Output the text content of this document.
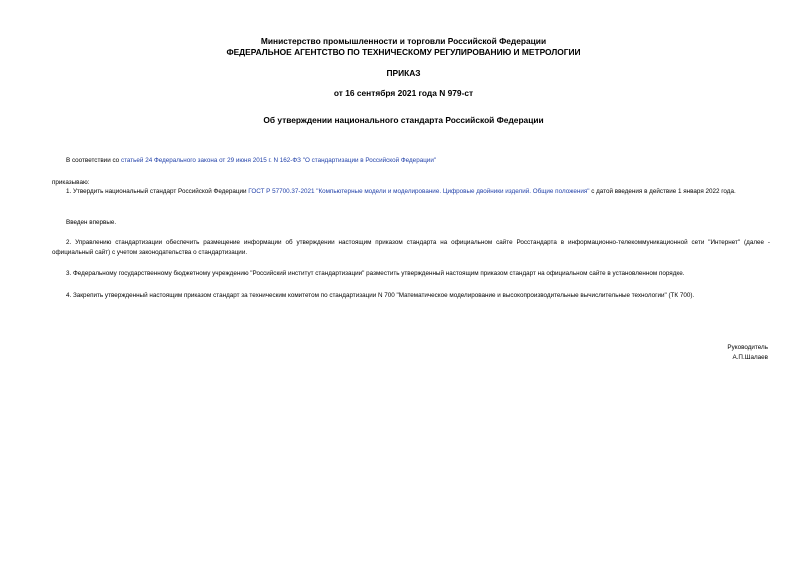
Министерство промышленности и торговли Российской Федерации
ФЕДЕРАЛЬНОЕ АГЕНТСТВО ПО ТЕХНИЧЕСКОМУ РЕГУЛИРОВАНИЮ И МЕТРОЛОГИИ
ПРИКАЗ
от 16 сентября 2021 года N 979-ст
Об утверждении национального стандарта Российской Федерации
В соответствии со статьей 24 Федерального закона от 29 июня 2015 г. N 162-ФЗ "О стандартизации в Российской Федерации"
приказываю:
1. Утвердить национальный стандарт Российской Федерации ГОСТ Р 57700.37-2021 "Компьютерные модели и моделирование. Цифровые двойники изделий. Общие положения" с датой введения в действие 1 января 2022 года.
Введен впервые.
2. Управлению стандартизации обеспечить размещение информации об утверждении настоящим приказом стандарта на официальном сайте Росстандарта в информационно-телекоммуникационной сети "Интернет" (далее - официальный сайт) с учетом законодательства о стандартизации.
3. Федеральному государственному бюджетному учреждению "Российский институт стандартизации" разместить утвержденный настоящим приказом стандарт на официальном сайте в установленном порядке.
4. Закрепить утвержденный настоящим приказом стандарт за техническим комитетом по стандартизации N 700 "Математическое моделирование и высокопроизводительные вычислительные технологии" (ТК 700).
Руководитель
А.П.Шалаев
